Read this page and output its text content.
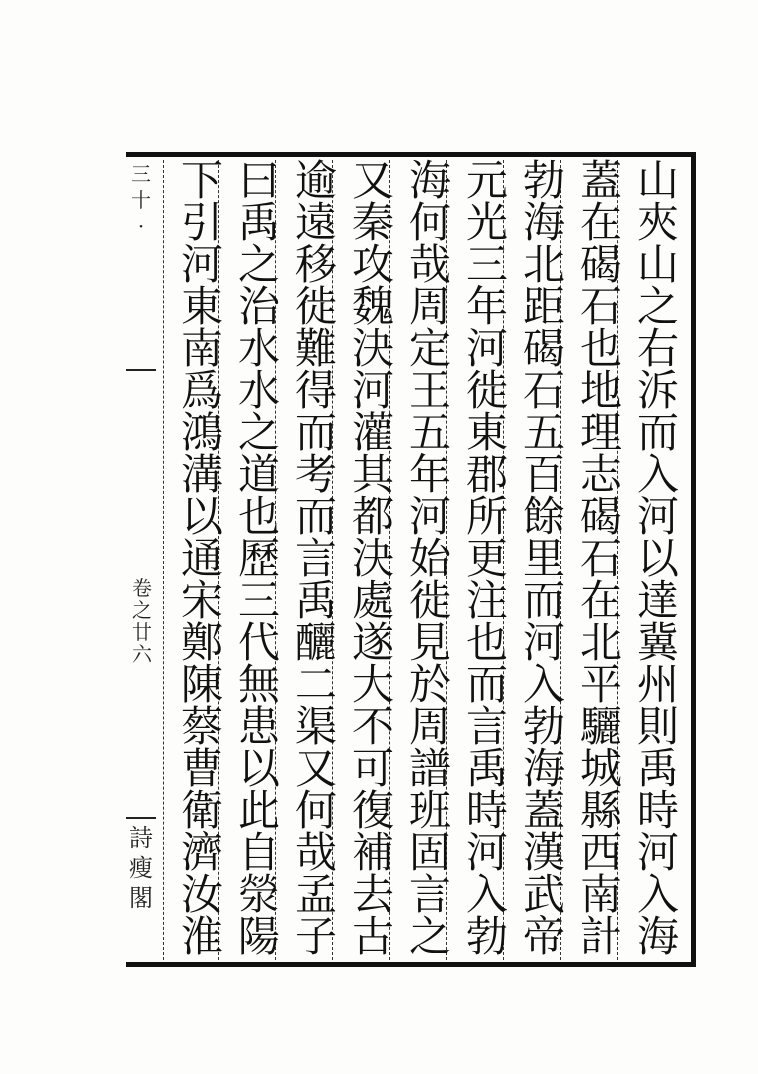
山
夾
山
之
右
泝
而
入
河
以
達
冀
州
則
禹
時
河
入
海
蓋
在
碣
石
也
地
理
志
碣
石
在
北
平
驪
城
縣
西
南
計
勃
海
北
距
碣
石
五
百
餘
里
而
河
入
勃
海
蓋
漢
武
帝
元
光
三
年
河
徙
東
郡
所
更
注
也
而
言
禹
時
河
入
勃
海
何
哉
周
定
王
五
年
河
始
徙
見
於
周
譜
班
固
言
之
又
秦
攻
魏
決
河
灌
其
都
決
處
遂
大
不
可
復
補
去
古
逾
遠
移
徙
難
得
而
考
而
言
禹
釃
二
渠
又
何
哉
孟
子
曰
禹
之
治
水
水
之
道
也
歷
三
代
無
患
以
此
自
滎
陽
下
引
河
東
南
爲
鴻
溝
以
通
宋
鄭
陳
蔡
曹
衛
濟
汝
淮
三
十
·
卷
之
廿
六
詩
瘦
閣
